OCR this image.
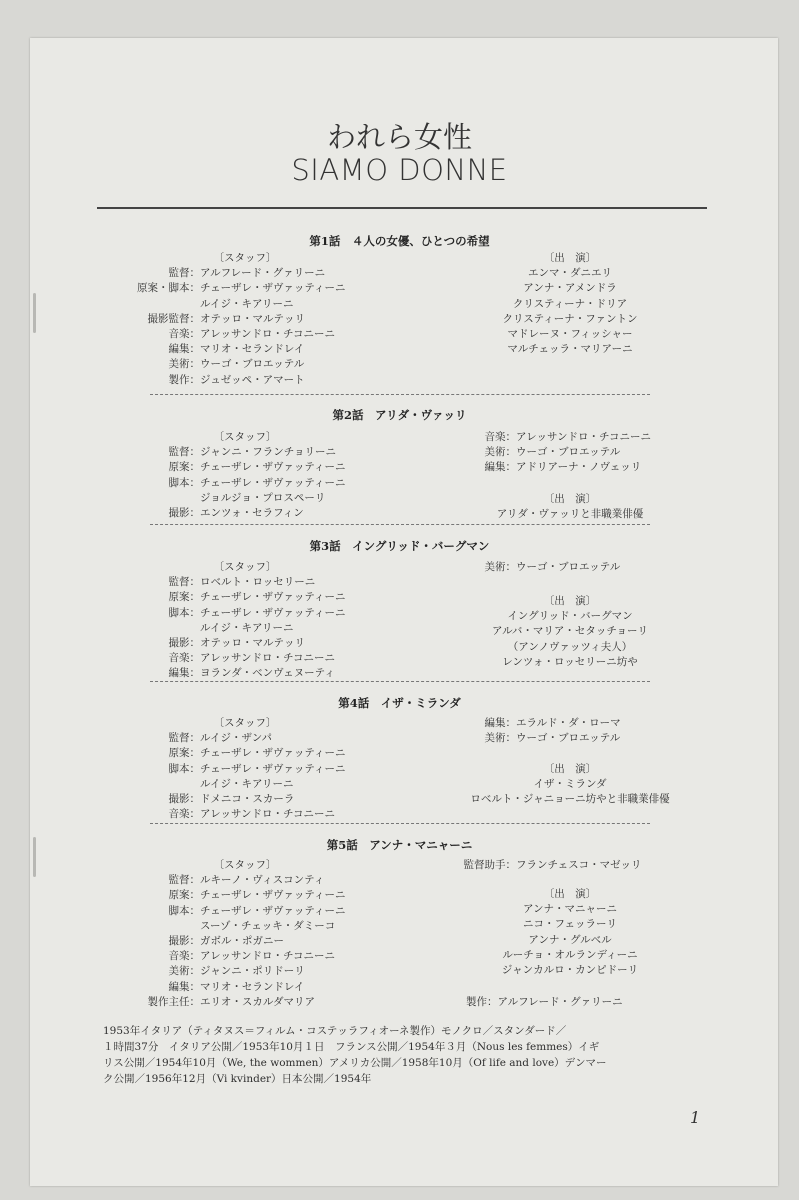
われら女性
SIAMO DONNE
第1話　４人の女優、ひとつの希望
〔スタッフ〕
監督： アルフレード・グァリーニ
原案・脚本： チェーザレ・ザヴァッティーニ
ルイジ・キアリーニ
撮影監督： オテッロ・マルテッリ
音楽： アレッサンドロ・チコニーニ
編集： マリオ・セランドレイ
美術： ウーゴ・ブロエッテル
製作： ジュゼッペ・アマート
〔出　演〕
エンマ・ダニエリ
アンナ・アメンドラ
クリスティーナ・ドリア
クリスティーナ・ファントン
マドレーヌ・フィッシャー
マルチェッラ・マリアーニ
第2話　アリダ・ヴァッリ
〔スタッフ〕
監督： ジャンニ・フランチョリーニ
原案： チェーザレ・ザヴァッティーニ
脚本： チェーザレ・ザヴァッティーニ
ジョルジョ・プロスペーリ
撮影： エンツォ・セラフィン
音楽： アレッサンドロ・チコニーニ
美術： ウーゴ・ブロエッテル
編集： アドリアーナ・ノヴェッリ
〔出　演〕
アリダ・ヴァッリと非職業俳優
第3話　イングリッド・バーグマン
〔スタッフ〕
監督： ロベルト・ロッセリーニ
原案： チェーザレ・ザヴァッティーニ
脚本： チェーザレ・ザヴァッティーニ
ルイジ・キアリーニ
撮影： オテッロ・マルテッリ
音楽： アレッサンドロ・チコニーニ
編集： ヨランダ・ベンヴェヌーティ
美術： ウーゴ・ブロエッテル
〔出　演〕
イングリッド・バーグマン
アルバ・マリア・セタッチョーリ
（アンノヴァッツィ夫人）
レンツォ・ロッセリーニ坊や
第4話　イザ・ミランダ
〔スタッフ〕
監督： ルイジ・ザンパ
原案： チェーザレ・ザヴァッティーニ
脚本： チェーザレ・ザヴァッティーニ
ルイジ・キアリーニ
撮影： ドメニコ・スカーラ
音楽： アレッサンドロ・チコニーニ
編集： エラルド・ダ・ローマ
美術： ウーゴ・ブロエッテル
〔出　演〕
イザ・ミランダ
ロベルト・ジャニョーニ坊やと非職業俳優
第5話　アンナ・マニャーニ
〔スタッフ〕
監督： ルキーノ・ヴィスコンティ
原案： チェーザレ・ザヴァッティーニ
脚本： チェーザレ・ザヴァッティーニ
スーゾ・チェッキ・ダミーコ
撮影： ガボル・ポガニー
音楽： アレッサンドロ・チコニーニ
美術： ジャンニ・ポリドーリ
編集： マリオ・セランドレイ
製作主任： エリオ・スカルダマリア
監督助手： フランチェスコ・マゼッリ
〔出　演〕
アンナ・マニャーニ
ニコ・フェッラーリ
アンナ・グルベル
ルーチョ・オルランディーニ
ジャンカルロ・カンピドーリ
製作：アルフレード・グァリーニ
1953年イタリア（ティタヌス＝フィルム・コステッラフィオーネ製作）モノクロ／スタンダード／
１時間37分　イタリア公開／1953年10月１日　フランス公開／1954年３月（Nous les femmes）イギ
リス公開／1954年10月（We, the wommen）アメリカ公開／1958年10月（Of life and love）デンマー
ク公開／1956年12月（Vi kvinder）日本公開／1954年
1
